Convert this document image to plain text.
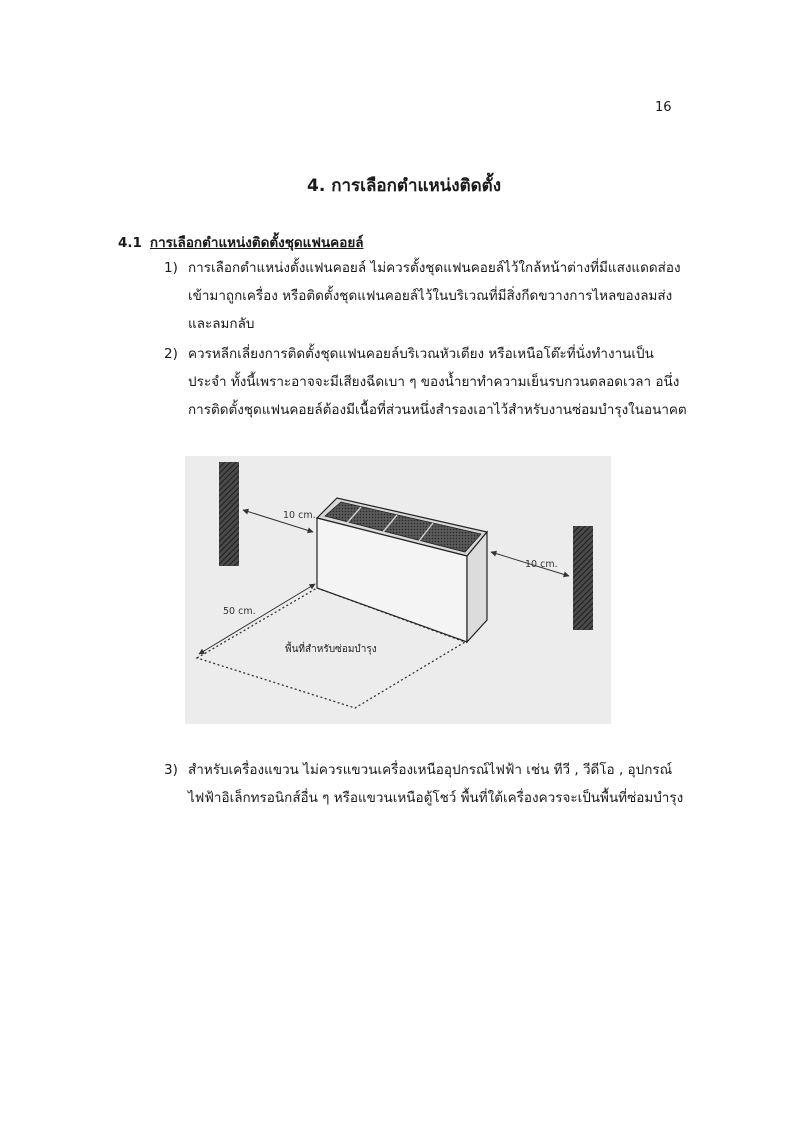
16
4. การเลือกตำแหน่งติดตั้ง
4.1 การเลือกตำแหน่งติดตั้งชุดแฟนคอยล์
1) การเลือกตำแหน่งตั้งแฟนคอยล์ ไม่ควรตั้งชุดแฟนคอยล์ไว้ใกล้หน้าต่างที่มีแสงแดดส่อง
เข้ามาถูกเครื่อง หรือติดตั้งชุดแฟนคอยล์ไว้ในบริเวณที่มีสิ่งกีดขวางการไหลของลมส่ง
และลมกลับ
2) ควรหลีกเลี่ยงการติดตั้งชุดแฟนคอยล์บริเวณหัวเตียง หรือเหนือโต๊ะที่นั่งทำงานเป็น
ประจำ ทั้งนี้เพราะอาจจะมีเสียงฉีดเบา ๆ ของน้ำยาทำความเย็นรบกวนตลอดเวลา อนึ่ง
การติดตั้งชุดแฟนคอยล์ต้องมีเนื้อที่ส่วนหนึ่งสำรองเอาไว้สำหรับงานซ่อมบำรุงในอนาคต
10 cm.
10 cm.
50 cm.
พื้นที่สำหรับซ่อมบำรุง
3) สำหรับเครื่องแขวน ไม่ควรแขวนเครื่องเหนืออุปกรณ์ไฟฟ้า เช่น ทีวี , วีดีโอ , อุปกรณ์
ไฟฟ้าอิเล็กทรอนิกส์อื่น ๆ หรือแขวนเหนือตู้โชว์ พื้นที่ใต้เครื่องควรจะเป็นพื้นที่ซ่อมบำรุง
